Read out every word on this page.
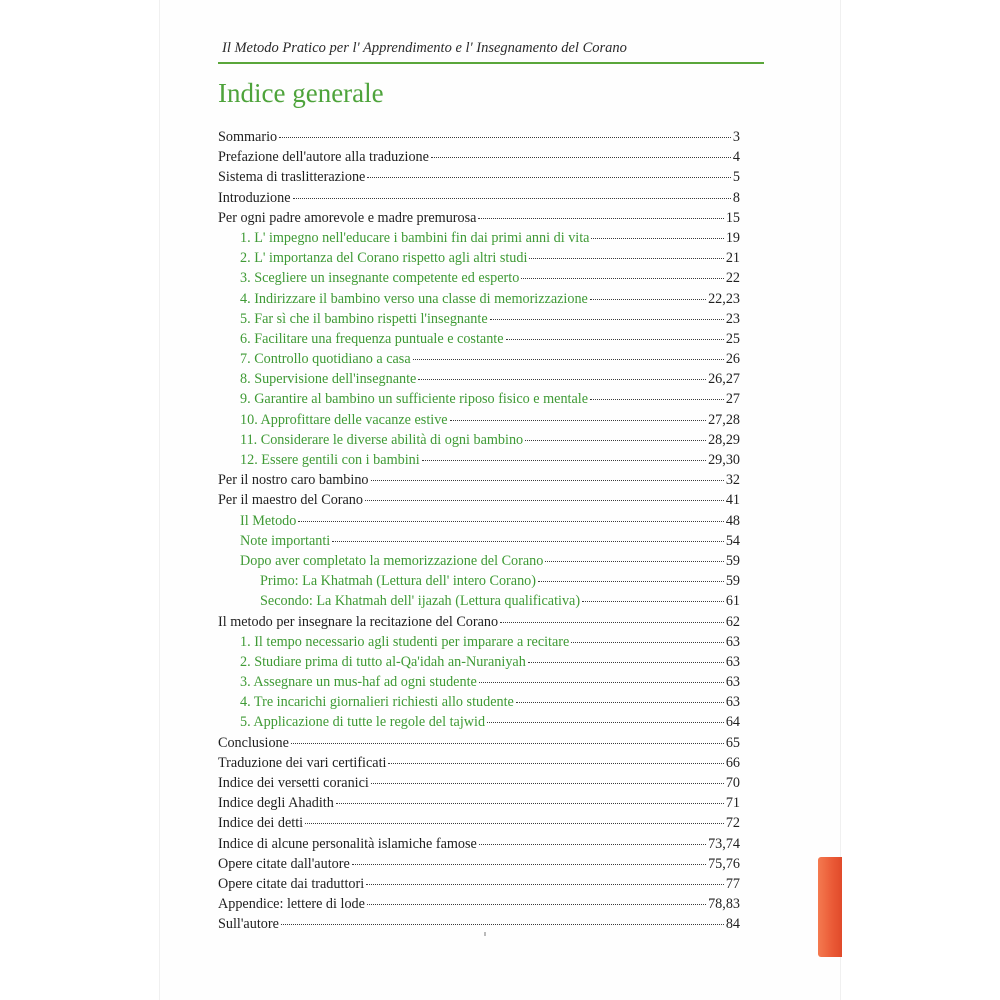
Il Metodo Pratico per l' Apprendimento e l' Insegnamento del Corano
Indice generale
Sommario	3
Prefazione dell'autore alla traduzione	4
Sistema di traslitterazione	5
Introduzione	8
Per ogni padre amorevole e madre premurosa	15
1. L' impegno nell'educare i bambini fin dai primi anni di vita	19
2. L' importanza del Corano rispetto agli altri studi	21
3. Scegliere un insegnante competente ed esperto	22
4. Indirizzare il bambino verso una classe di memorizzazione	22,23
5. Far sì che il bambino rispetti l'insegnante	23
6. Facilitare una frequenza puntuale e costante	25
7. Controllo quotidiano a casa	26
8. Supervisione dell'insegnante	26,27
9. Garantire al bambino un sufficiente riposo fisico e mentale	27
10. Approfittare delle vacanze estive	27,28
11. Considerare le diverse abilità di ogni bambino	28,29
12. Essere gentili con i bambini	29,30
Per il nostro caro bambino	32
Per il maestro del Corano	41
Il Metodo	48
Note importanti	54
Dopo aver completato la memorizzazione del Corano	59
Primo: La Khatmah (Lettura dell' intero Corano)	59
Secondo: La Khatmah dell' ijazah (Lettura qualificativa)	61
Il metodo per insegnare la recitazione del Corano	62
1. Il tempo necessario agli studenti per imparare a recitare	63
2. Studiare prima di tutto al-Qa'idah an-Nuraniyah	63
3. Assegnare un mus-haf ad ogni studente	63
4. Tre incarichi giornalieri richiesti allo studente	63
5. Applicazione di tutte le regole del tajwid	64
Conclusione	65
Traduzione dei vari certificati	66
Indice dei versetti coranici	70
Indice degli Ahadith	71
Indice dei detti	72
Indice di alcune personalità islamiche famose	73,74
Opere citate dall'autore	75,76
Opere citate dai traduttori	77
Appendice: lettere di lode	78,83
Sull'autore	84
